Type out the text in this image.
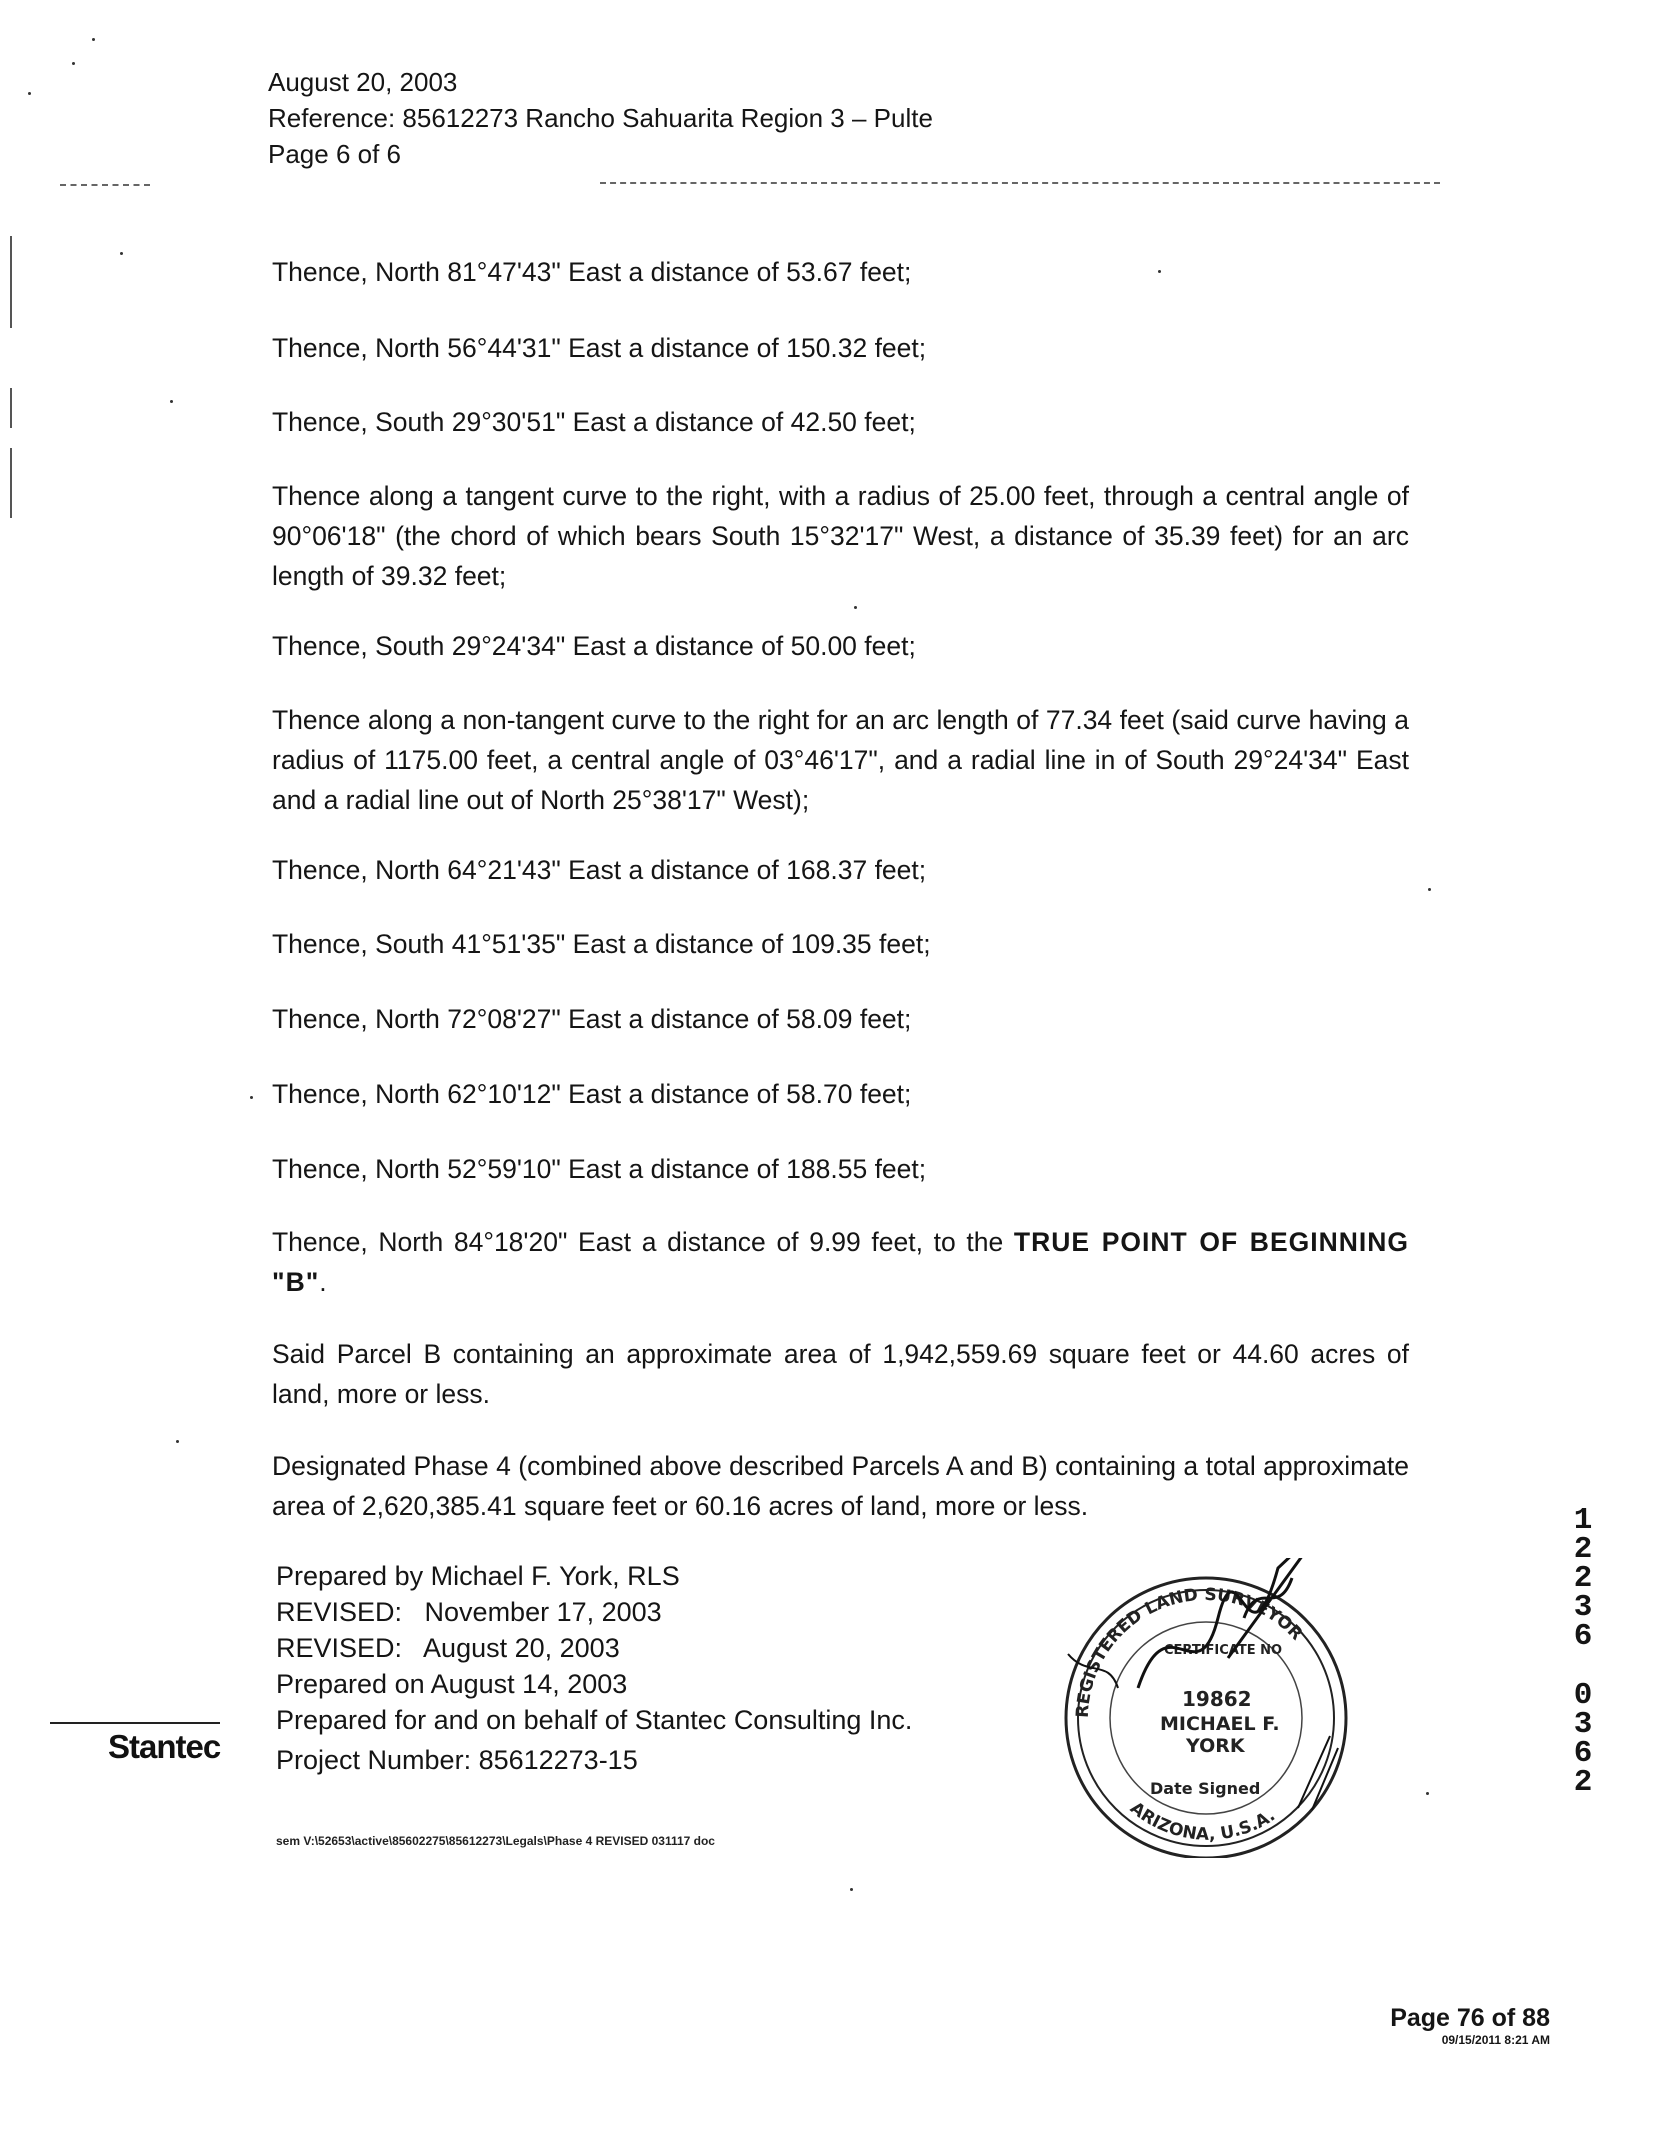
August 20, 2003
Reference: 85612273 Rancho Sahuarita Region 3 – Pulte
Page 6 of 6
Thence, North 81°47'43" East a distance of 53.67 feet;
Thence, North 56°44'31" East a distance of 150.32 feet;
Thence, South 29°30'51" East a distance of 42.50 feet;
Thence along a tangent curve to the right, with a radius of 25.00 feet, through a central angle of 90°06'18" (the chord of which bears South 15°32'17" West, a distance of 35.39 feet) for an arc length of 39.32 feet;
Thence, South 29°24'34" East a distance of 50.00 feet;
Thence along a non-tangent curve to the right for an arc length of 77.34 feet (said curve having a radius of 1175.00 feet, a central angle of 03°46'17", and a radial line in of South 29°24'34" East and a radial line out of North 25°38'17" West);
Thence, North 64°21'43" East a distance of 168.37 feet;
Thence, South 41°51'35" East a distance of 109.35 feet;
Thence, North 72°08'27" East a distance of 58.09 feet;
Thence, North 62°10'12" East a distance of 58.70 feet;
Thence, North 52°59'10" East a distance of 188.55 feet;
Thence, North 84°18'20" East a distance of 9.99 feet, to the TRUE POINT OF BEGINNING "B".
Said Parcel B containing an approximate area of 1,942,559.69 square feet or 44.60 acres of land, more or less.
Designated Phase 4 (combined above described Parcels A and B) containing a total approximate area of 2,620,385.41 square feet or 60.16 acres of land, more or less.
Prepared by Michael F. York, RLS
REVISED:   November 17, 2003
REVISED:   August 20, 2003
Prepared on August 14, 2003
Prepared for and on behalf of Stantec Consulting Inc.
Project Number: 85612273-15
Stantec
sem V:\52653\active\85602275\85612273\Legals\Phase 4 REVISED 031117 doc
REGISTERED LAND SURVEYOR
ARIZONA, U.S.A.
CERTIFICATE NO
19862
MICHAEL F.
YORK
Date Signed
1
2
2
3
6
0
3
6
2
Page 76 of 88
09/15/2011 8:21 AM
